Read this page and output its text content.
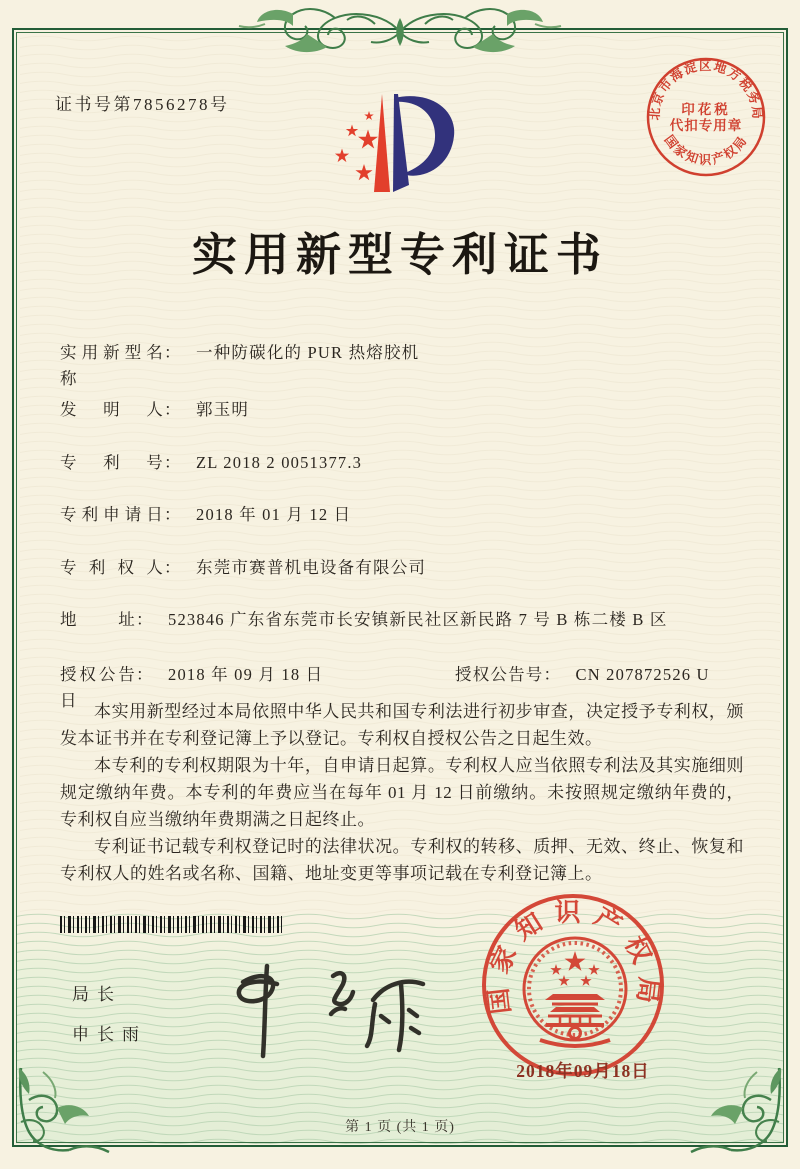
证书号第7856278号	北京市海淀区地方税务局
印花税
代扣专用章
国家知识产权局
实用新型专利证书
实用新型名称： 一种防碳化的 PUR 热熔胶机
发明人： 郭玉明
专利号： ZL 2018 2 0051377.3
专利申请日： 2018 年 01 月 12 日
专利权人： 东莞市赛普机电设备有限公司
地址： 523846 广东省东莞市长安镇新民社区新民路 7 号 B 栋二楼 B 区
授权公告日： 2018 年 09 月 18 日	授权公告号： CN 207872526 U

本实用新型经过本局依照中华人民共和国专利法进行初步审查，决定授予专利权，颁发本证书并在专利登记簿上予以登记。专利权自授权公告之日起生效。

本专利的专利权期限为十年，自申请日起算。专利权人应当依照专利法及其实施细则规定缴纳年费。本专利的年费应当在每年 01 月 12 日前缴纳。未按照规定缴纳年费的，专利权自应当缴纳年费期满之日起终止。

专利证书记载专利权登记时的法律状况。专利权的转移、质押、无效、终止、恢复和专利权人的姓名或名称、国籍、地址变更等事项记载在专利登记簿上。

局长
申长雨
国家知识产权局
2018年09月18日
第 1 页 (共 1 页)
